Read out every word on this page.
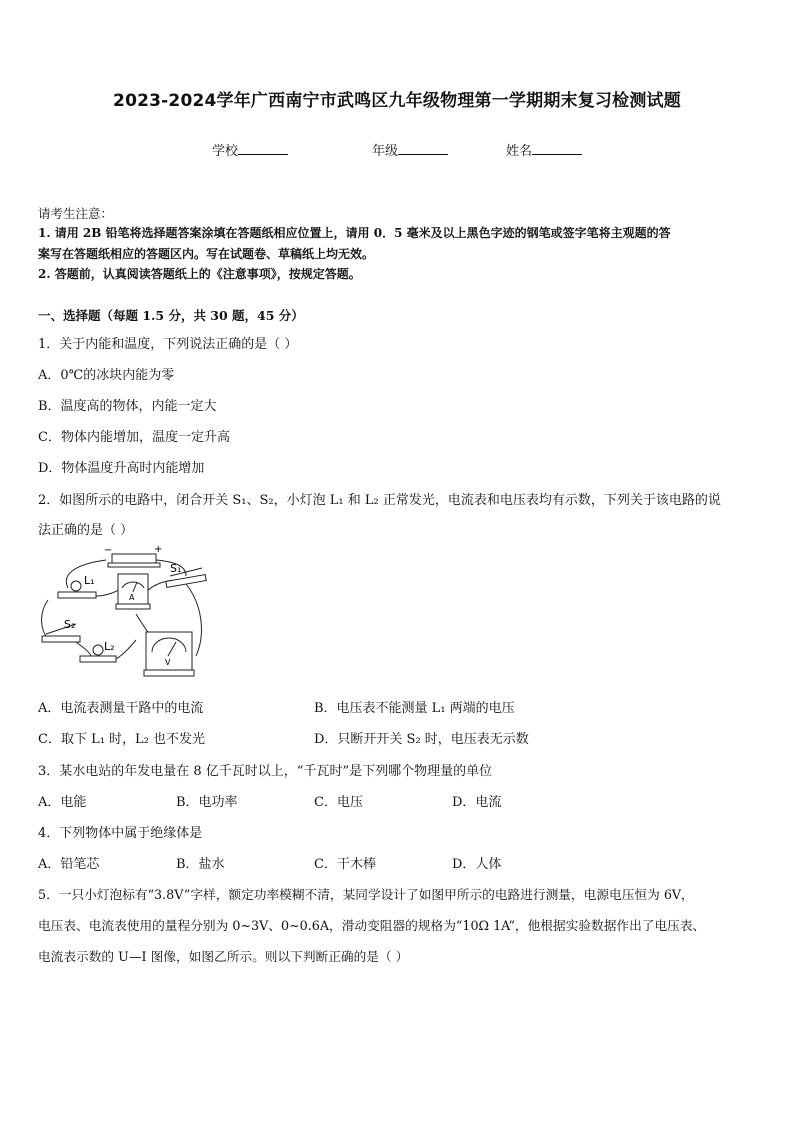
2023-2024学年广西南宁市武鸣区九年级物理第一学期期末复习检测试题
学校	年级	姓名
请考生注意：
1. 请用 2B 铅笔将选择题答案涂填在答题纸相应位置上，请用 0．5 毫米及以上黑色字迹的钢笔或签字笔将主观题的答
案写在答题纸相应的答题区内。写在试题卷、草稿纸上均无效。
2. 答题前，认真阅读答题纸上的《注意事项》，按规定答题。
一、选择题（每题 1.5 分，共 30 题，45 分）
1．关于内能和温度，下列说法正确的是（ ）
A．0℃的冰块内能为零
B．温度高的物体，内能一定大
C．物体内能增加，温度一定升高
D．物体温度升高时内能增加
2．如图所示的电路中，闭合开关 S₁、S₂，小灯泡 L₁ 和 L₂ 正常发光，电流表和电压表均有示数，下列关于该电路的说
法正确的是（ ）
−	+
L₁
S₁
A
S₂
L₂
V
A．电流表测量干路中的电流	B．电压表不能测量 L₁ 两端的电压
C．取下 L₁ 时，L₂ 也不发光	D．只断开开关 S₂ 时，电压表无示数
3．某水电站的年发电量在 8 亿千瓦时以上，“千瓦时”是下列哪个物理量的单位
A．电能	B．电功率	C．电压	D．电流
4．下列物体中属于绝缘体是
A．铅笔芯	B．盐水	C．干木棒	D．人体
5．一只小灯泡标有“3.8V”字样，额定功率模糊不清，某同学设计了如图甲所示的电路进行测量，电源电压恒为 6V，
电压表、电流表使用的量程分别为 0~3V、0~0.6A，滑动变阻器的规格为“10Ω 1A”，他根据实验数据作出了电压表、
电流表示数的 U—I 图像，如图乙所示。则以下判断正确的是（ ）
